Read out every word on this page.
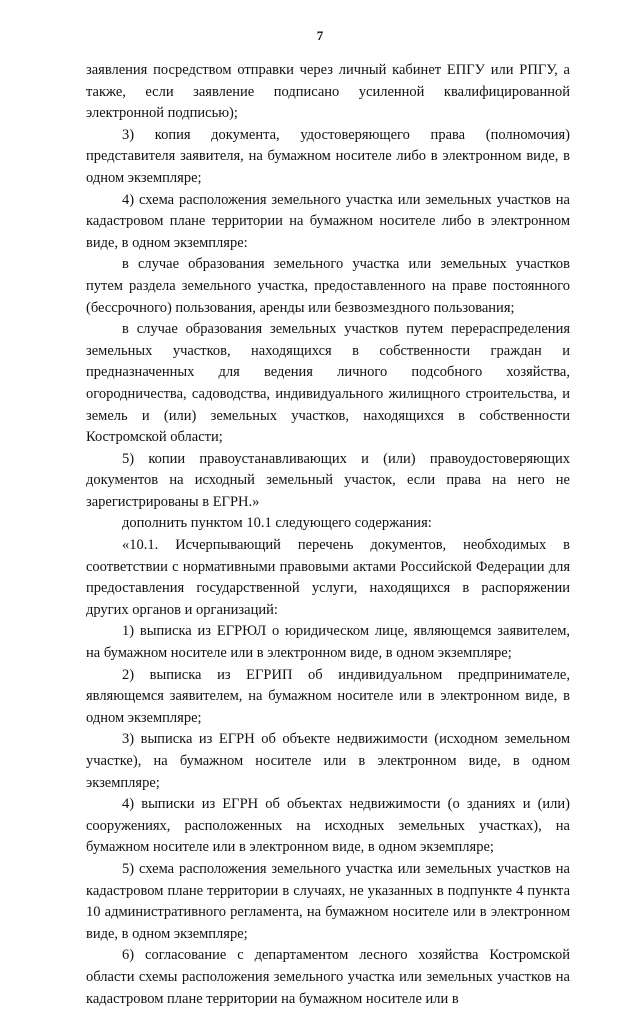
7

заявления посредством отправки через личный кабинет ЕПГУ или РПГУ, а также, если заявление подписано усиленной квалифицированной электронной подписью);

3) копия документа, удостоверяющего права (полномочия) представителя заявителя, на бумажном носителе либо в электронном виде, в одном экземпляре;

4) схема расположения земельного участка или земельных участков на кадастровом плане территории на бумажном носителе либо в электронном виде, в одном экземпляре:

в случае образования земельного участка или земельных участков путем раздела земельного участка, предоставленного на праве постоянного (бессрочного) пользования, аренды или безвозмездного пользования;

в случае образования земельных участков путем перераспределения земельных участков, находящихся в собственности граждан и предназначенных для ведения личного подсобного хозяйства, огородничества, садоводства, индивидуального жилищного строительства, и земель и (или) земельных участков, находящихся в собственности Костромской области;

5) копии правоустанавливающих и (или) правоудостоверяющих документов на исходный земельный участок, если права на него не зарегистрированы в ЕГРН.»

дополнить пунктом 10.1 следующего содержания:

«10.1. Исчерпывающий перечень документов, необходимых в соответствии с нормативными правовыми актами Российской Федерации для предоставления государственной услуги, находящихся в распоряжении других органов и организаций:

1) выписка из ЕГРЮЛ о юридическом лице, являющемся заявителем, на бумажном носителе или в электронном виде, в одном экземпляре;

2) выписка из ЕГРИП об индивидуальном предпринимателе, являющемся заявителем, на бумажном носителе или в электронном виде, в одном экземпляре;

3) выписка из ЕГРН об объекте недвижимости (исходном земельном участке), на бумажном носителе или в электронном виде, в одном экземпляре;

4) выписки из ЕГРН об объектах недвижимости (о зданиях и (или) сооружениях, расположенных на исходных земельных участках), на бумажном носителе или в электронном виде, в одном экземпляре;

5) схема расположения земельного участка или земельных участков на кадастровом плане территории в случаях, не указанных в подпункте 4 пункта 10 административного регламента, на бумажном носителе или в электронном виде, в одном экземпляре;

6) согласование с департаментом лесного хозяйства Костромской области схемы расположения земельного участка или земельных участков на кадастровом плане территории на бумажном носителе или в
